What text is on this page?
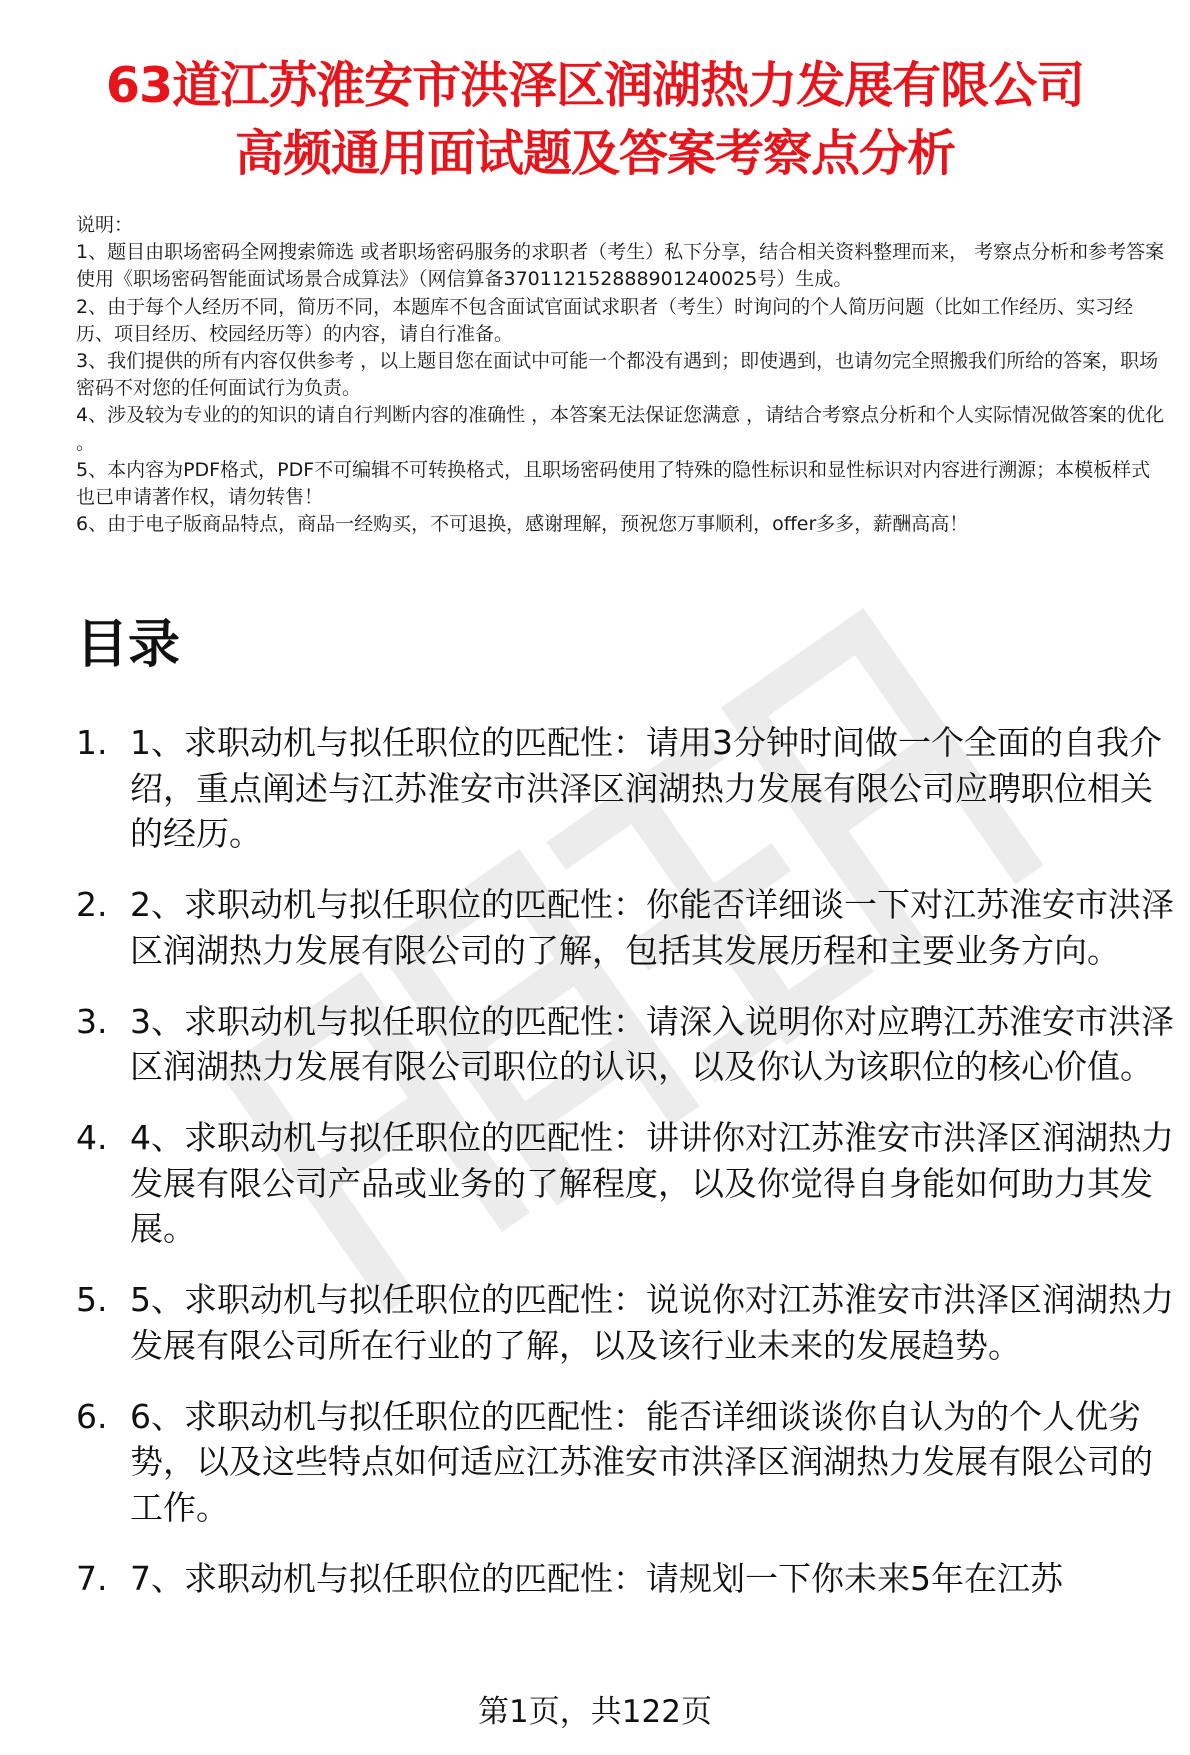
63道江苏淮安市洪泽区润湖热力发展有限公司
高频通用面试题及答案考察点分析

说明：

1、题目由职场密码全网搜索筛选 或者职场密码服务的求职者（考生）私下分享，结合相关资料整理而来， 考察点分析和参考答案使用《职场密码智能面试场景合成算法》（网信算备370112152888901240025号）生成。

2、由于每个人经历不同，简历不同，本题库不包含面试官面试求职者（考生）时询问的个人简历问题（比如工作经历、实习经历、项目经历、校园经历等）的内容，请自行准备。

3、我们提供的所有内容仅供参考 ，以上题目您在面试中可能一个都没有遇到；即使遇到，也请勿完全照搬我们所给的答案，职场密码不对您的任何面试行为负责。

4、涉及较为专业的的知识的请自行判断内容的准确性 ，本答案无法保证您满意 ，请结合考察点分析和个人实际情况做答案的优化 。

5、本内容为PDF格式，PDF不可编辑不可转换格式，且职场密码使用了特殊的隐性标识和显性标识对内容进行溯源；本模板样式也已申请著作权，请勿转售！

6、由于电子版商品特点，商品一经购买，不可退换，感谢理解，预祝您万事顺利，offer多多，薪酬高高！

目录
1. 1、求职动机与拟任职位的匹配性：请用3分钟时间做一个全面的自我介绍，重点阐述与江苏淮安市洪泽区润湖热力发展有限公司应聘职位相关的经历。
2. 2、求职动机与拟任职位的匹配性：你能否详细谈一下对江苏淮安市洪泽区润湖热力发展有限公司的了解，包括其发展历程和主要业务方向。
3. 3、求职动机与拟任职位的匹配性：请深入说明你对应聘江苏淮安市洪泽区润湖热力发展有限公司职位的认识，以及你认为该职位的核心价值。
4. 4、求职动机与拟任职位的匹配性：讲讲你对江苏淮安市洪泽区润湖热力发展有限公司产品或业务的了解程度，以及你觉得自身能如何助力其发展。
5. 5、求职动机与拟任职位的匹配性：说说你对江苏淮安市洪泽区润湖热力发展有限公司所在行业的了解，以及该行业未来的发展趋势。
6. 6、求职动机与拟任职位的匹配性：能否详细谈谈你自认为的个人优劣势，以及这些特点如何适应江苏淮安市洪泽区润湖热力发展有限公司的工作。
7. 7、求职动机与拟任职位的匹配性：请规划一下你未来5年在江苏
第1页，共122页
